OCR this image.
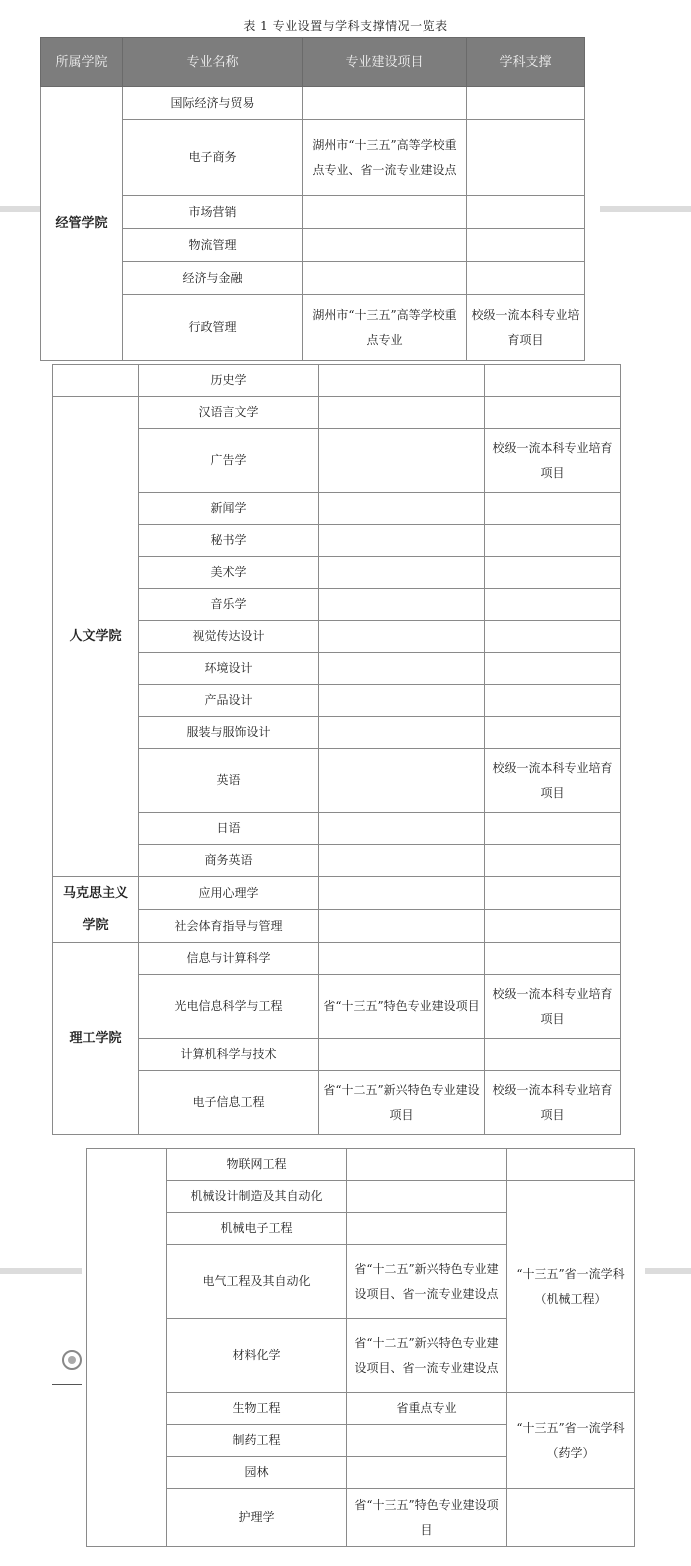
表 1 专业设置与学科支撑情况一览表
所属学院	专业名称	专业建设项目	学科支撑
经管学院	国际经济与贸易		
	电子商务	湖州市“十三五”高等学校重点专业、省一流专业建设点	
	市场营销		
	物流管理		
	经济与金融		
	行政管理	湖州市“十三五”高等学校重点专业	校级一流本科专业培育项目
	历史学		
人文学院	汉语言文学		
	广告学		校级一流本科专业培育项目
	新闻学		
	秘书学		
	美术学		
	音乐学		
	视觉传达设计		
	环境设计		
	产品设计		
	服装与服饰设计		
	英语		校级一流本科专业培育项目
	日语		
	商务英语		
马克思主义学院	应用心理学		
	社会体育指导与管理		
理工学院	信息与计算科学		
	光电信息科学与工程	省“十三五”特色专业建设项目	校级一流本科专业培育项目
	计算机科学与技术		
	电子信息工程	省“十二五”新兴特色专业建设项目	校级一流本科专业培育项目
	物联网工程		
	机械设计制造及其自动化		“十三五”省一流学科（机械工程）
	机械电子工程		
	电气工程及其自动化	省“十二五”新兴特色专业建设项目、省一流专业建设点	
	材料化学	省“十二五”新兴特色专业建设项目、省一流专业建设点	
	生物工程	省重点专业	“十三五”省一流学科（药学）
	制药工程		
	园林		
	护理学	省“十三五”特色专业建设项目	
